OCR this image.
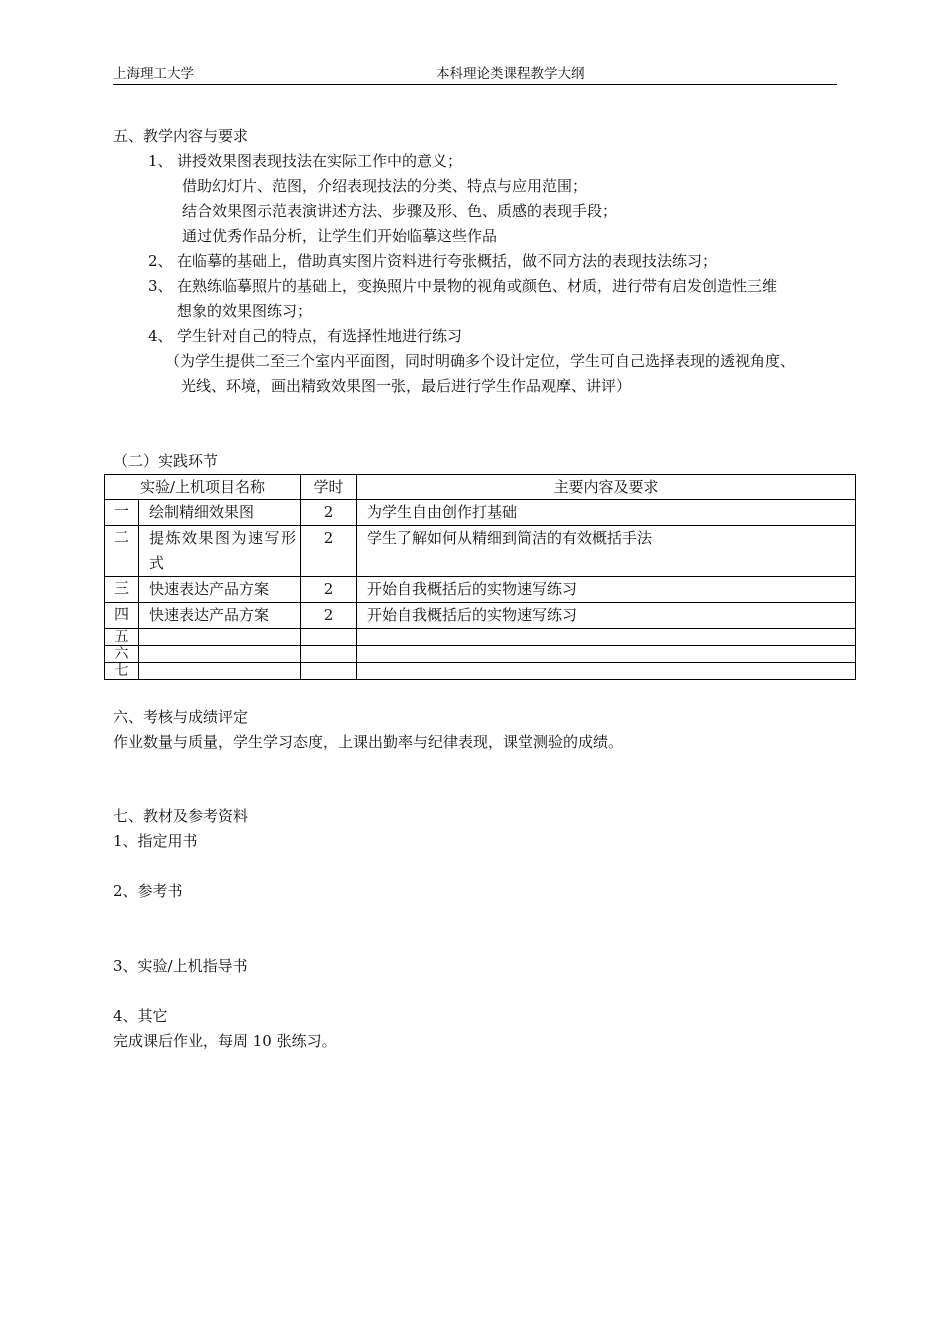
上海理工大学	本科理论类课程教学大纲
五、教学内容与要求
1、 讲授效果图表现技法在实际工作中的意义；
借助幻灯片、范图，介绍表现技法的分类、特点与应用范围；
结合效果图示范表演讲述方法、步骤及形、色、质感的表现手段；
通过优秀作品分析，让学生们开始临摹这些作品
2、 在临摹的基础上，借助真实图片资料进行夸张概括，做不同方法的表现技法练习；
3、 在熟练临摹照片的基础上，变换照片中景物的视角或颜色、材质，进行带有启发创造性三维
想象的效果图练习；
4、 学生针对自己的特点，有选择性地进行练习
（为学生提供二至三个室内平面图，同时明确多个设计定位，学生可自己选择表现的透视角度、
光线、环境，画出精致效果图一张，最后进行学生作品观摩、讲评）
（二）实践环节
实验/上机项目名称		学时	主要内容及要求
一	绘制精细效果图	2	为学生自由创作打基础
二	提炼效果图为速写形式	2	学生了解如何从精细到简洁的有效概括手法
三	快速表达产品方案	2	开始自我概括后的实物速写练习
四	快速表达产品方案	2	开始自我概括后的实物速写练习
五			
六			
七			
六、考核与成绩评定
作业数量与质量，学生学习态度，上课出勤率与纪律表现，课堂测验的成绩。
七、教材及参考资料
1、指定用书
2、参考书
3、实验/上机指导书
4、其它
完成课后作业，每周 10 张练习。
